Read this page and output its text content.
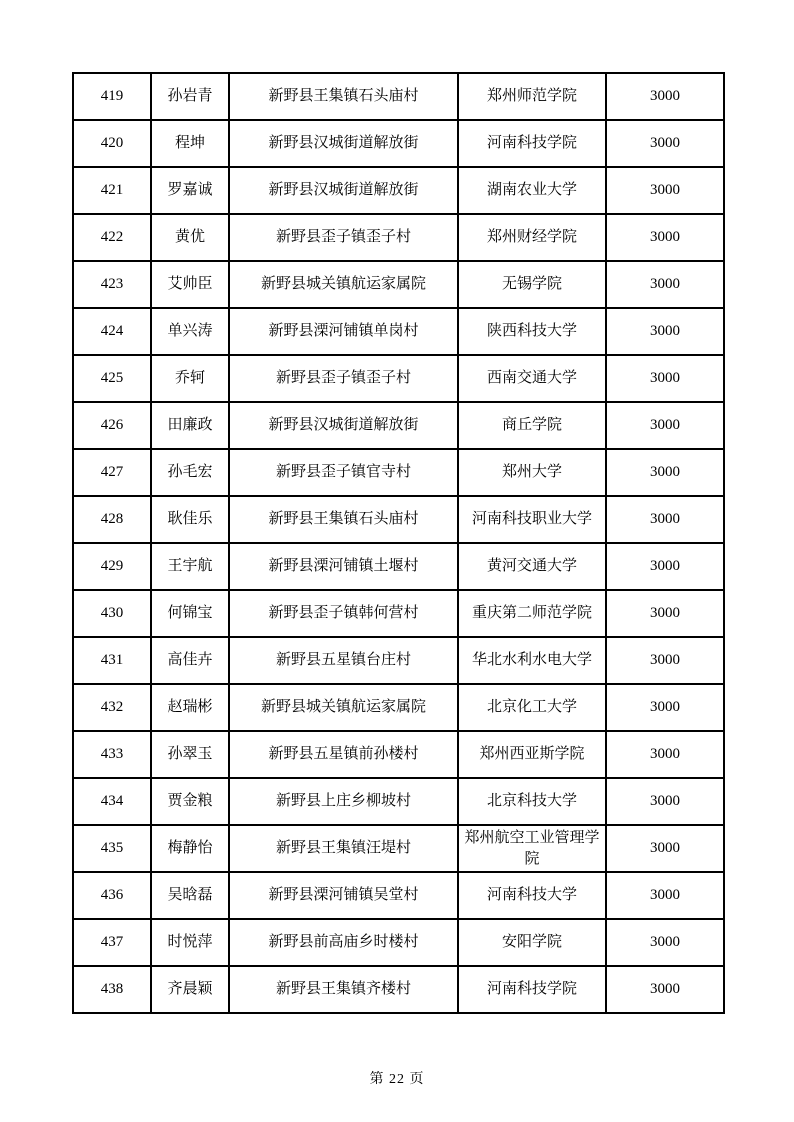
419	孙岩青	新野县王集镇石头庙村	郑州师范学院	3000
420	程坤	新野县汉城街道解放街	河南科技学院	3000
421	罗嘉诚	新野县汉城街道解放街	湖南农业大学	3000
422	黄优	新野县歪子镇歪子村	郑州财经学院	3000
423	艾帅臣	新野县城关镇航运家属院	无锡学院	3000
424	单兴涛	新野县溧河铺镇单岗村	陕西科技大学	3000
425	乔轲	新野县歪子镇歪子村	西南交通大学	3000
426	田廉政	新野县汉城街道解放街	商丘学院	3000
427	孙毛宏	新野县歪子镇官寺村	郑州大学	3000
428	耿佳乐	新野县王集镇石头庙村	河南科技职业大学	3000
429	王宇航	新野县溧河铺镇土堰村	黄河交通大学	3000
430	何锦宝	新野县歪子镇韩何营村	重庆第二师范学院	3000
431	高佳卉	新野县五星镇台庄村	华北水利水电大学	3000
432	赵瑞彬	新野县城关镇航运家属院	北京化工大学	3000
433	孙翠玉	新野县五星镇前孙楼村	郑州西亚斯学院	3000
434	贾金粮	新野县上庄乡柳坡村	北京科技大学	3000
435	梅静怡	新野县王集镇汪堤村	郑州航空工业管理学院	3000
436	吴晗磊	新野县溧河铺镇吴堂村	河南科技大学	3000
437	时悦萍	新野县前高庙乡时楼村	安阳学院	3000
438	齐晨颖	新野县王集镇齐楼村	河南科技学院	3000
第 22 页
